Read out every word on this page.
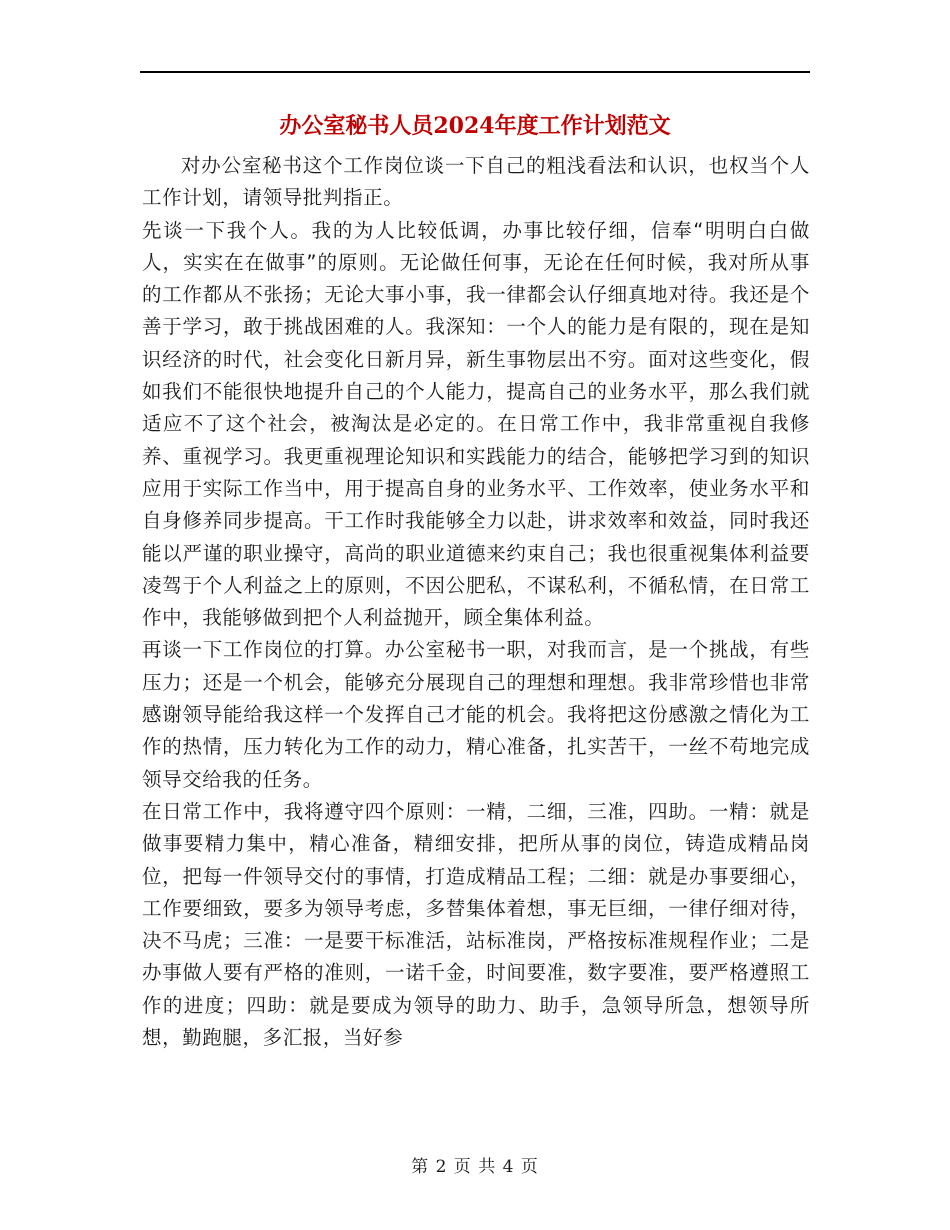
办公室秘书人员2024年度工作计划范文

对办公室秘书这个工作岗位谈一下自己的粗浅看法和认识，也权当个人工作计划，请领导批判指正。

先谈一下我个人。我的为人比较低调，办事比较仔细，信奉“明明白白做人，实实在在做事”的原则。无论做任何事，无论在任何时候，我对所从事的工作都从不张扬；无论大事小事，我一律都会认仔细真地对待。我还是个善于学习，敢于挑战困难的人。我深知：一个人的能力是有限的，现在是知识经济的时代，社会变化日新月异，新生事物层出不穷。面对这些变化，假如我们不能很快地提升自己的个人能力，提高自己的业务水平，那么我们就适应不了这个社会，被淘汰是必定的。在日常工作中，我非常重视自我修养、重视学习。我更重视理论知识和实践能力的结合，能够把学习到的知识应用于实际工作当中，用于提高自身的业务水平、工作效率，使业务水平和自身修养同步提高。干工作时我能够全力以赴，讲求效率和效益，同时我还能以严谨的职业操守，高尚的职业道德来约束自己；我也很重视集体利益要凌驾于个人利益之上的原则，不因公肥私，不谋私利，不循私情，在日常工作中，我能够做到把个人利益抛开，顾全集体利益。

再谈一下工作岗位的打算。办公室秘书一职，对我而言，是一个挑战，有些压力；还是一个机会，能够充分展现自己的理想和理想。我非常珍惜也非常感谢领导能给我这样一个发挥自己才能的机会。我将把这份感激之情化为工作的热情，压力转化为工作的动力，精心准备，扎实苦干，一丝不苟地完成领导交给我的任务。

在日常工作中，我将遵守四个原则：一精，二细，三准，四助。一精：就是做事要精力集中，精心准备，精细安排，把所从事的岗位，铸造成精品岗位，把每一件领导交付的事情，打造成精品工程；二细：就是办事要细心，工作要细致，要多为领导考虑，多替集体着想，事无巨细，一律仔细对待，决不马虎；三准：一是要干标准活，站标准岗，严格按标准规程作业；二是办事做人要有严格的准则，一诺千金，时间要准，数字要准，要严格遵照工作的进度；四助：就是要成为领导的助力、助手，急领导所急，想领导所想，勤跑腿，多汇报，当好参

第 2 页 共 4 页
